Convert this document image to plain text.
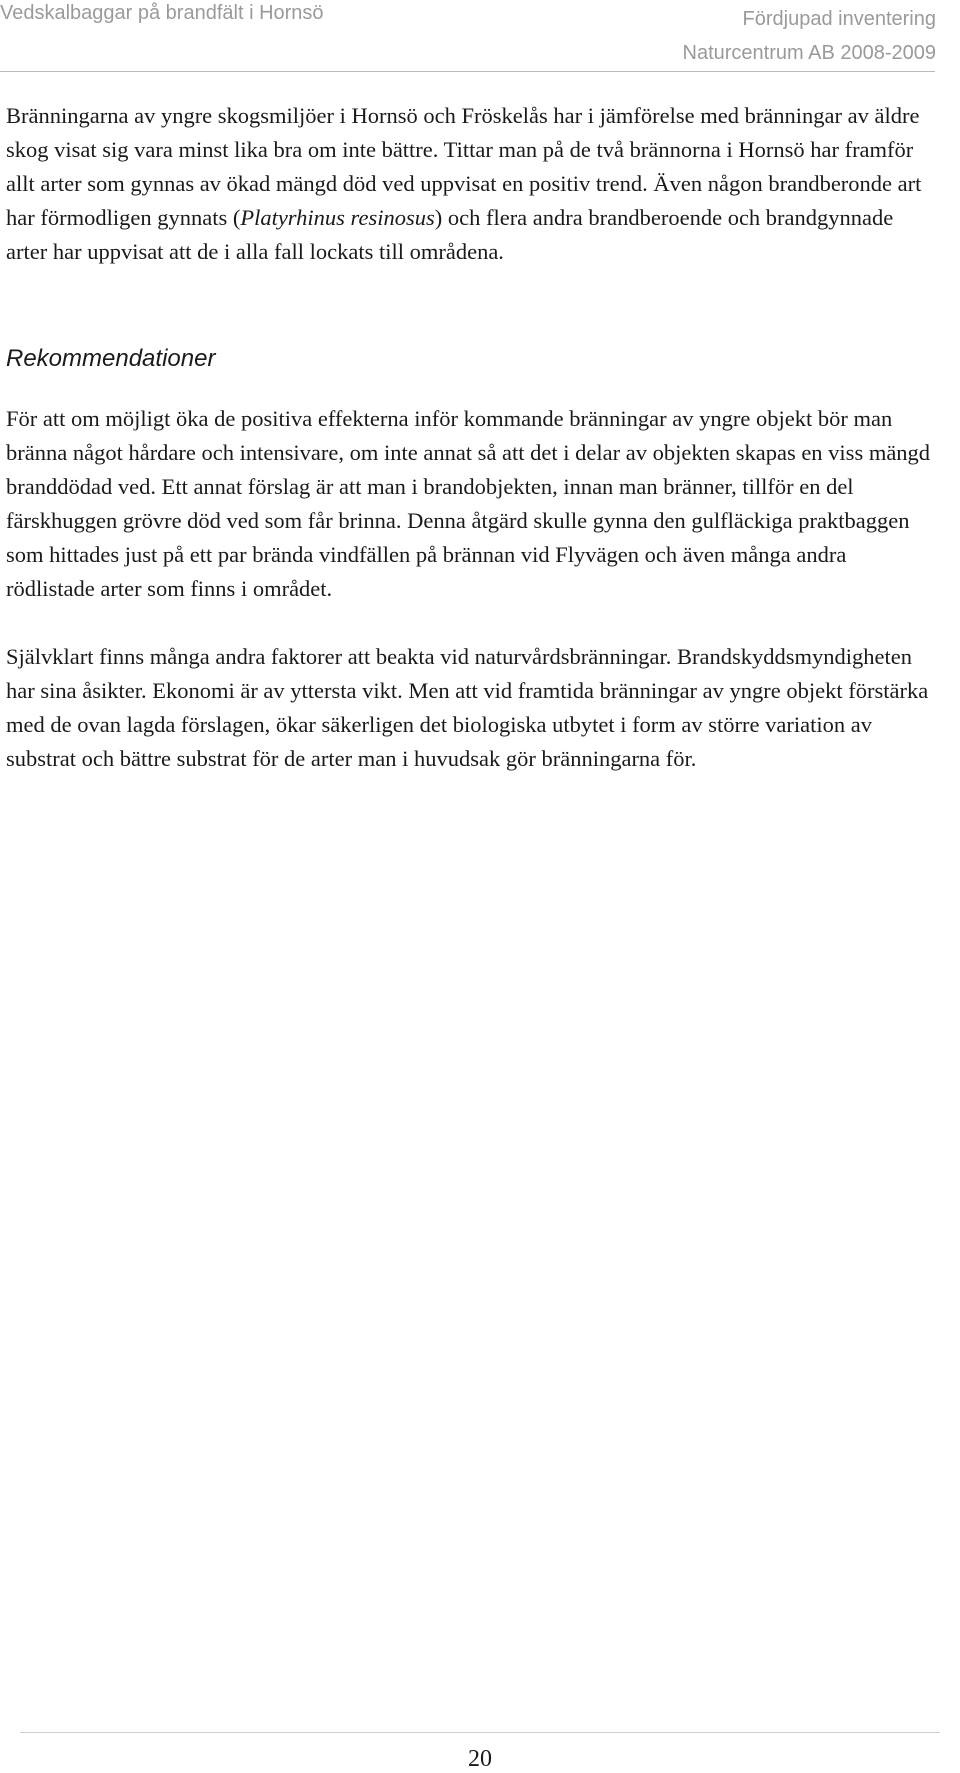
Vedskalbaggar på brandfält i Hornsö	Fördjupad inventering
Naturcentrum AB 2008-2009

Bränningarna av yngre skogsmiljöer i Hornsö och Fröskelås har i jämförelse med bränningar av äldre skog visat sig vara minst lika bra om inte bättre. Tittar man på de två brännorna i Hornsö har framför allt arter som gynnas av ökad mängd död ved uppvisat en positiv trend. Även någon brandberonde art har förmodligen gynnats (Platyrhinus resinosus) och flera andra brandberoende och brandgynnade arter har uppvisat att de i alla fall lockats till områdena.

Rekommendationer

För att om möjligt öka de positiva effekterna inför kommande bränningar av yngre objekt bör man bränna något hårdare och intensivare, om inte annat så att det i delar av objekten skapas en viss mängd branddödad ved. Ett annat förslag är att man i brandobjekten, innan man bränner, tillför en del färskhuggen grövre död ved som får brinna. Denna åtgärd skulle gynna den gulfläckiga praktbaggen som hittades just på ett par brända vindfällen på brännan vid Flyvägen och även många andra rödlistade arter som finns i området.

Självklart finns många andra faktorer att beakta vid naturvårdsbränningar. Brandskyddsmyndigheten har sina åsikter. Ekonomi är av yttersta vikt. Men att vid framtida bränningar av yngre objekt förstärka med de ovan lagda förslagen, ökar säkerligen det biologiska utbytet i form av större variation av substrat och bättre substrat för de arter man i huvudsak gör bränningarna för.

20
